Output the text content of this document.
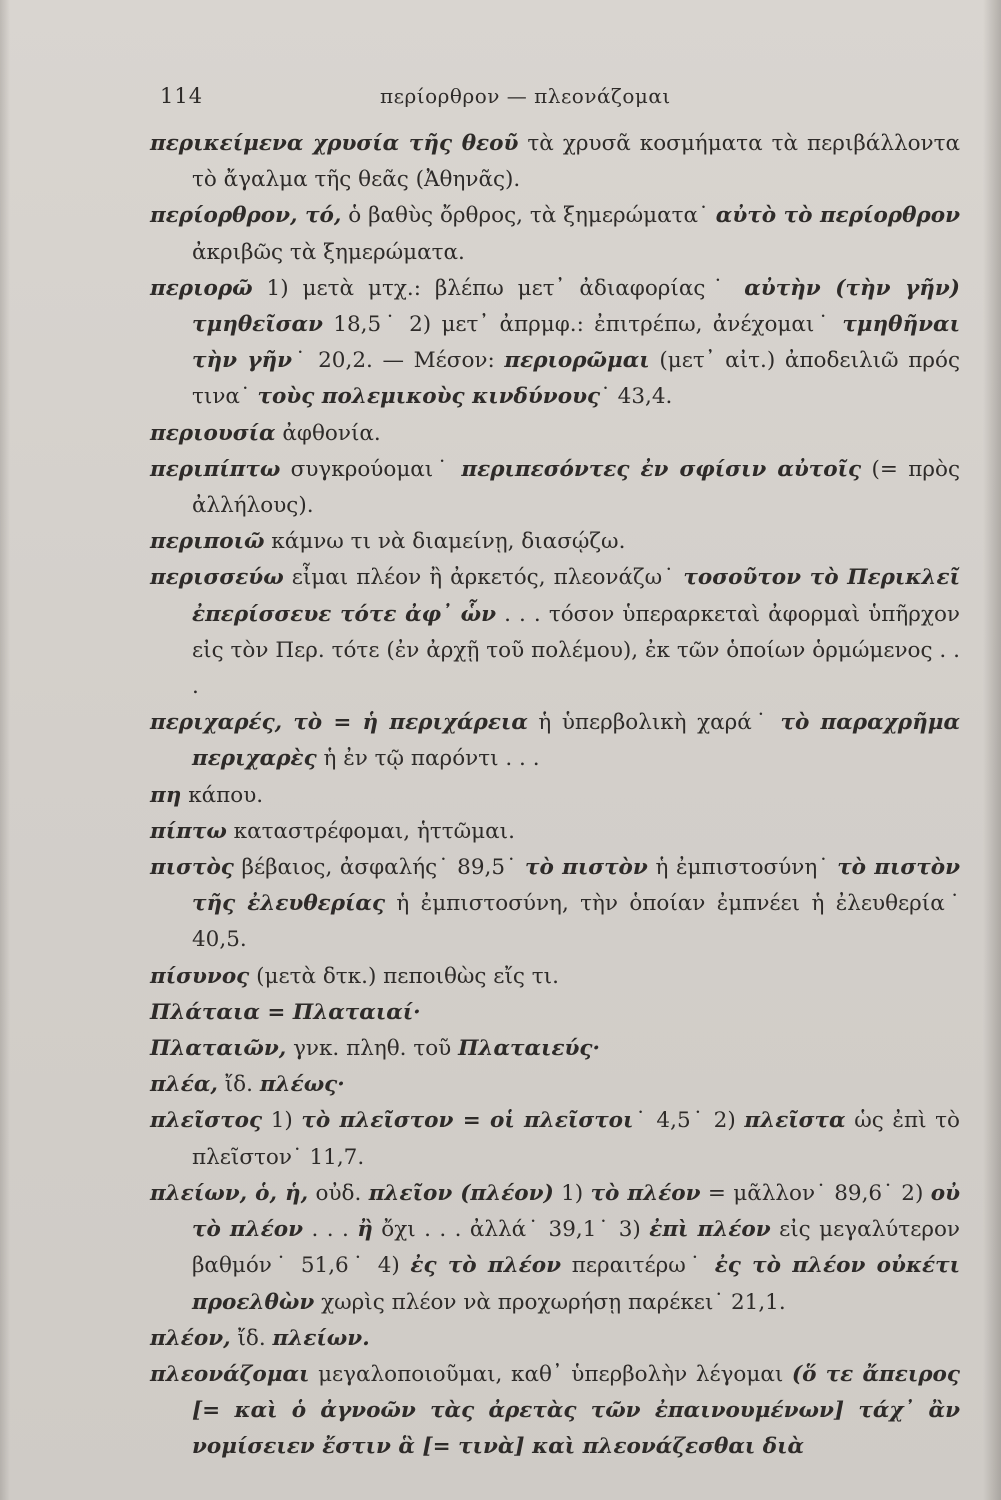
114	περίορθρον — πλεονάζομαι

περικείμενα χρυσία τῆς θεοῦ τὰ χρυσᾶ κοσμήματα τὰ περιβάλλοντα τὸ ἄγαλμα τῆς θεᾶς (Ἀθηνᾶς).

περίορθρον, τό, ὁ βαθὺς ὄρθρος, τὰ ξημερώματα˙ αὐτὸ τὸ περίορθρον ἀκριβῶς τὰ ξημερώματα.

περιορῶ 1) μετὰ μτχ.: βλέπω μετ᾽ ἀδιαφορίας˙ αὐτὴν (τὴν γῆν) τμηθεῖσαν 18,5˙ 2) μετ᾽ ἀπρμφ.: ἐπιτρέπω, ἀνέχομαι˙ τμηθῆναι τὴν γῆν˙ 20,2. — Μέσον: περιορῶμαι (μετ᾽ αἰτ.) ἀποδειλιῶ πρός τινα˙ τοὺς πολεμικοὺς κινδύνους˙ 43,4.

περιουσία ἀφθονία.

περιπίπτω συγκρούομαι˙ περιπεσόντες ἐν σφίσιν αὐτοῖς (= πρὸς ἀλλήλους).

περιποιῶ κάμνω τι νὰ διαμείνῃ, διασῴζω.

περισσεύω εἶμαι πλέον ἢ ἀρκετός, πλεονάζω˙ τοσοῦτον τὸ Περικλεῖ ἐπερίσσευε τότε ἀφ᾽ ὧν . . . τόσον ὑπεραρκεταὶ ἀφορμαὶ ὑπῆρχον εἰς τὸν Περ. τότε (ἐν ἀρχῇ τοῦ πολέμου), ἐκ τῶν ὁποίων ὁρμώμενος . . .

περιχαρές, τὸ = ἡ περιχάρεια ἡ ὑπερβολικὴ χαρά˙ τὸ παραχρῆμα περιχαρὲς ἡ ἐν τῷ παρόντι . . .

πη κάπου.

πίπτω καταστρέφομαι, ἡττῶμαι.

πιστὸς βέβαιος, ἀσφαλής˙ 89,5˙ τὸ πιστὸν ἡ ἐμπιστοσύνη˙ τὸ πιστὸν τῆς ἐλευθερίας ἡ ἐμπιστοσύνη, τὴν ὁποίαν ἐμπνέει ἡ ἐλευθερία˙ 40,5.

πίσυνος (μετὰ δτκ.) πεποιθὼς εἴς τι.

Πλάταια = Πλαταιαί·

Πλαταιῶν, γνκ. πληθ. τοῦ Πλαταιεύς·

πλέα, ἴδ. πλέως·

πλεῖστος 1) τὸ πλεῖστον = οἱ πλεῖστοι˙ 4,5˙ 2) πλεῖστα ὡς ἐπὶ τὸ πλεῖστον˙ 11,7.

πλείων, ὁ, ἡ, οὐδ. πλεῖον (πλέον) 1) τὸ πλέον = μᾶλλον˙ 89,6˙ 2) οὐ τὸ πλέον . . . ἢ ὄχι . . . ἀλλά˙ 39,1˙ 3) ἐπὶ πλέον εἰς μεγαλύτερον βαθμόν˙ 51,6˙ 4) ἐς τὸ πλέον περαιτέρω˙ ἐς τὸ πλέον οὐκέτι προελθὼν χωρὶς πλέον νὰ προχωρήσῃ παρέκει˙ 21,1.

πλέον, ἴδ. πλείων.

πλεονάζομαι μεγαλοποιοῦμαι, καθ᾽ ὑπερβολὴν λέγομαι (ὅ τε ἄπειρος [= καὶ ὁ ἀγνοῶν τὰς ἀρετὰς τῶν ἐπαινουμένων] τάχ᾽ ἂν νομίσειεν ἔστιν ἃ [= τινὰ] καὶ πλεονάζεσθαι διὰ
